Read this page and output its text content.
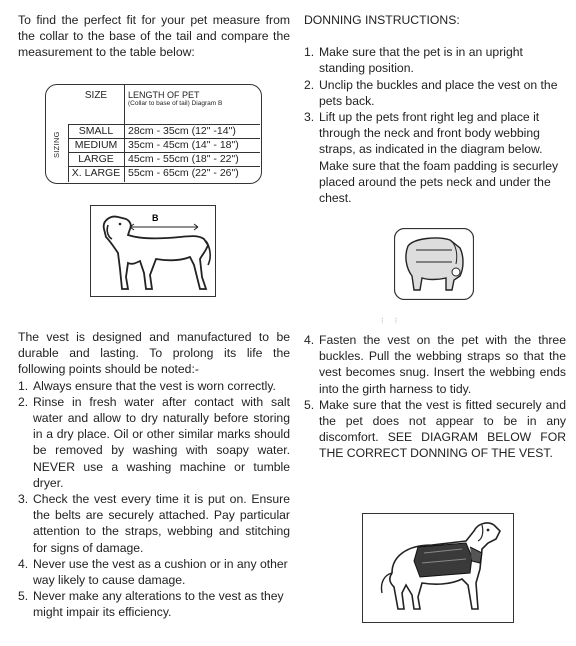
To find the perfect fit for your pet measure from the collar to the base of the tail and compare the measurement to the table below:

SIZING
SIZE	LENGTH OF PET
(Collar to base of tail) Diagram B
SMALL	28cm - 35cm (12" -14")
MEDIUM	35cm - 45cm (14" - 18")
LARGE	45cm - 55cm (18" - 22")
X. LARGE 55cm - 65cm (22" - 26")
B

The vest is designed and manufactured to be durable and lasting. To prolong its life the following points should be noted:-

1. Always ensure that the vest is worn correctly.
2. Rinse in fresh water after contact with salt water and allow to dry naturally before storing in a dry place. Oil or other similar marks should be removed by washing with soapy water. NEVER use a washing machine or tumble dryer.
3. Check the vest every time it is put on. Ensure the belts are securely attached. Pay particular attention to the straps, webbing and stitching for signs of damage.
4. Never use the vest as a cushion or in any other way likely to cause damage.
5. Never make any alterations to the vest as they might impair its efficiency.

DONNING INSTRUCTIONS:

1. Make sure that the pet is in an upright standing position.
2. Unclip the buckles and place the vest on the pets back.
3. Lift up the pets front right leg and place it through the neck and front body webbing straps, as indicated in the diagram below. Make sure that the foam padding is securley placed around the pets neck and under the chest.
⁝     ⁝
4. Fasten the vest on the pet with the three buckles. Pull the webbing straps so that the vest becomes snug. Insert the webbing ends into the girth harness to tidy.
5. Make sure that the vest is fitted securely and the pet does not appear to be in any discomfort. SEE DIAGRAM BELOW FOR THE CORRECT DONNING OF THE VEST.
